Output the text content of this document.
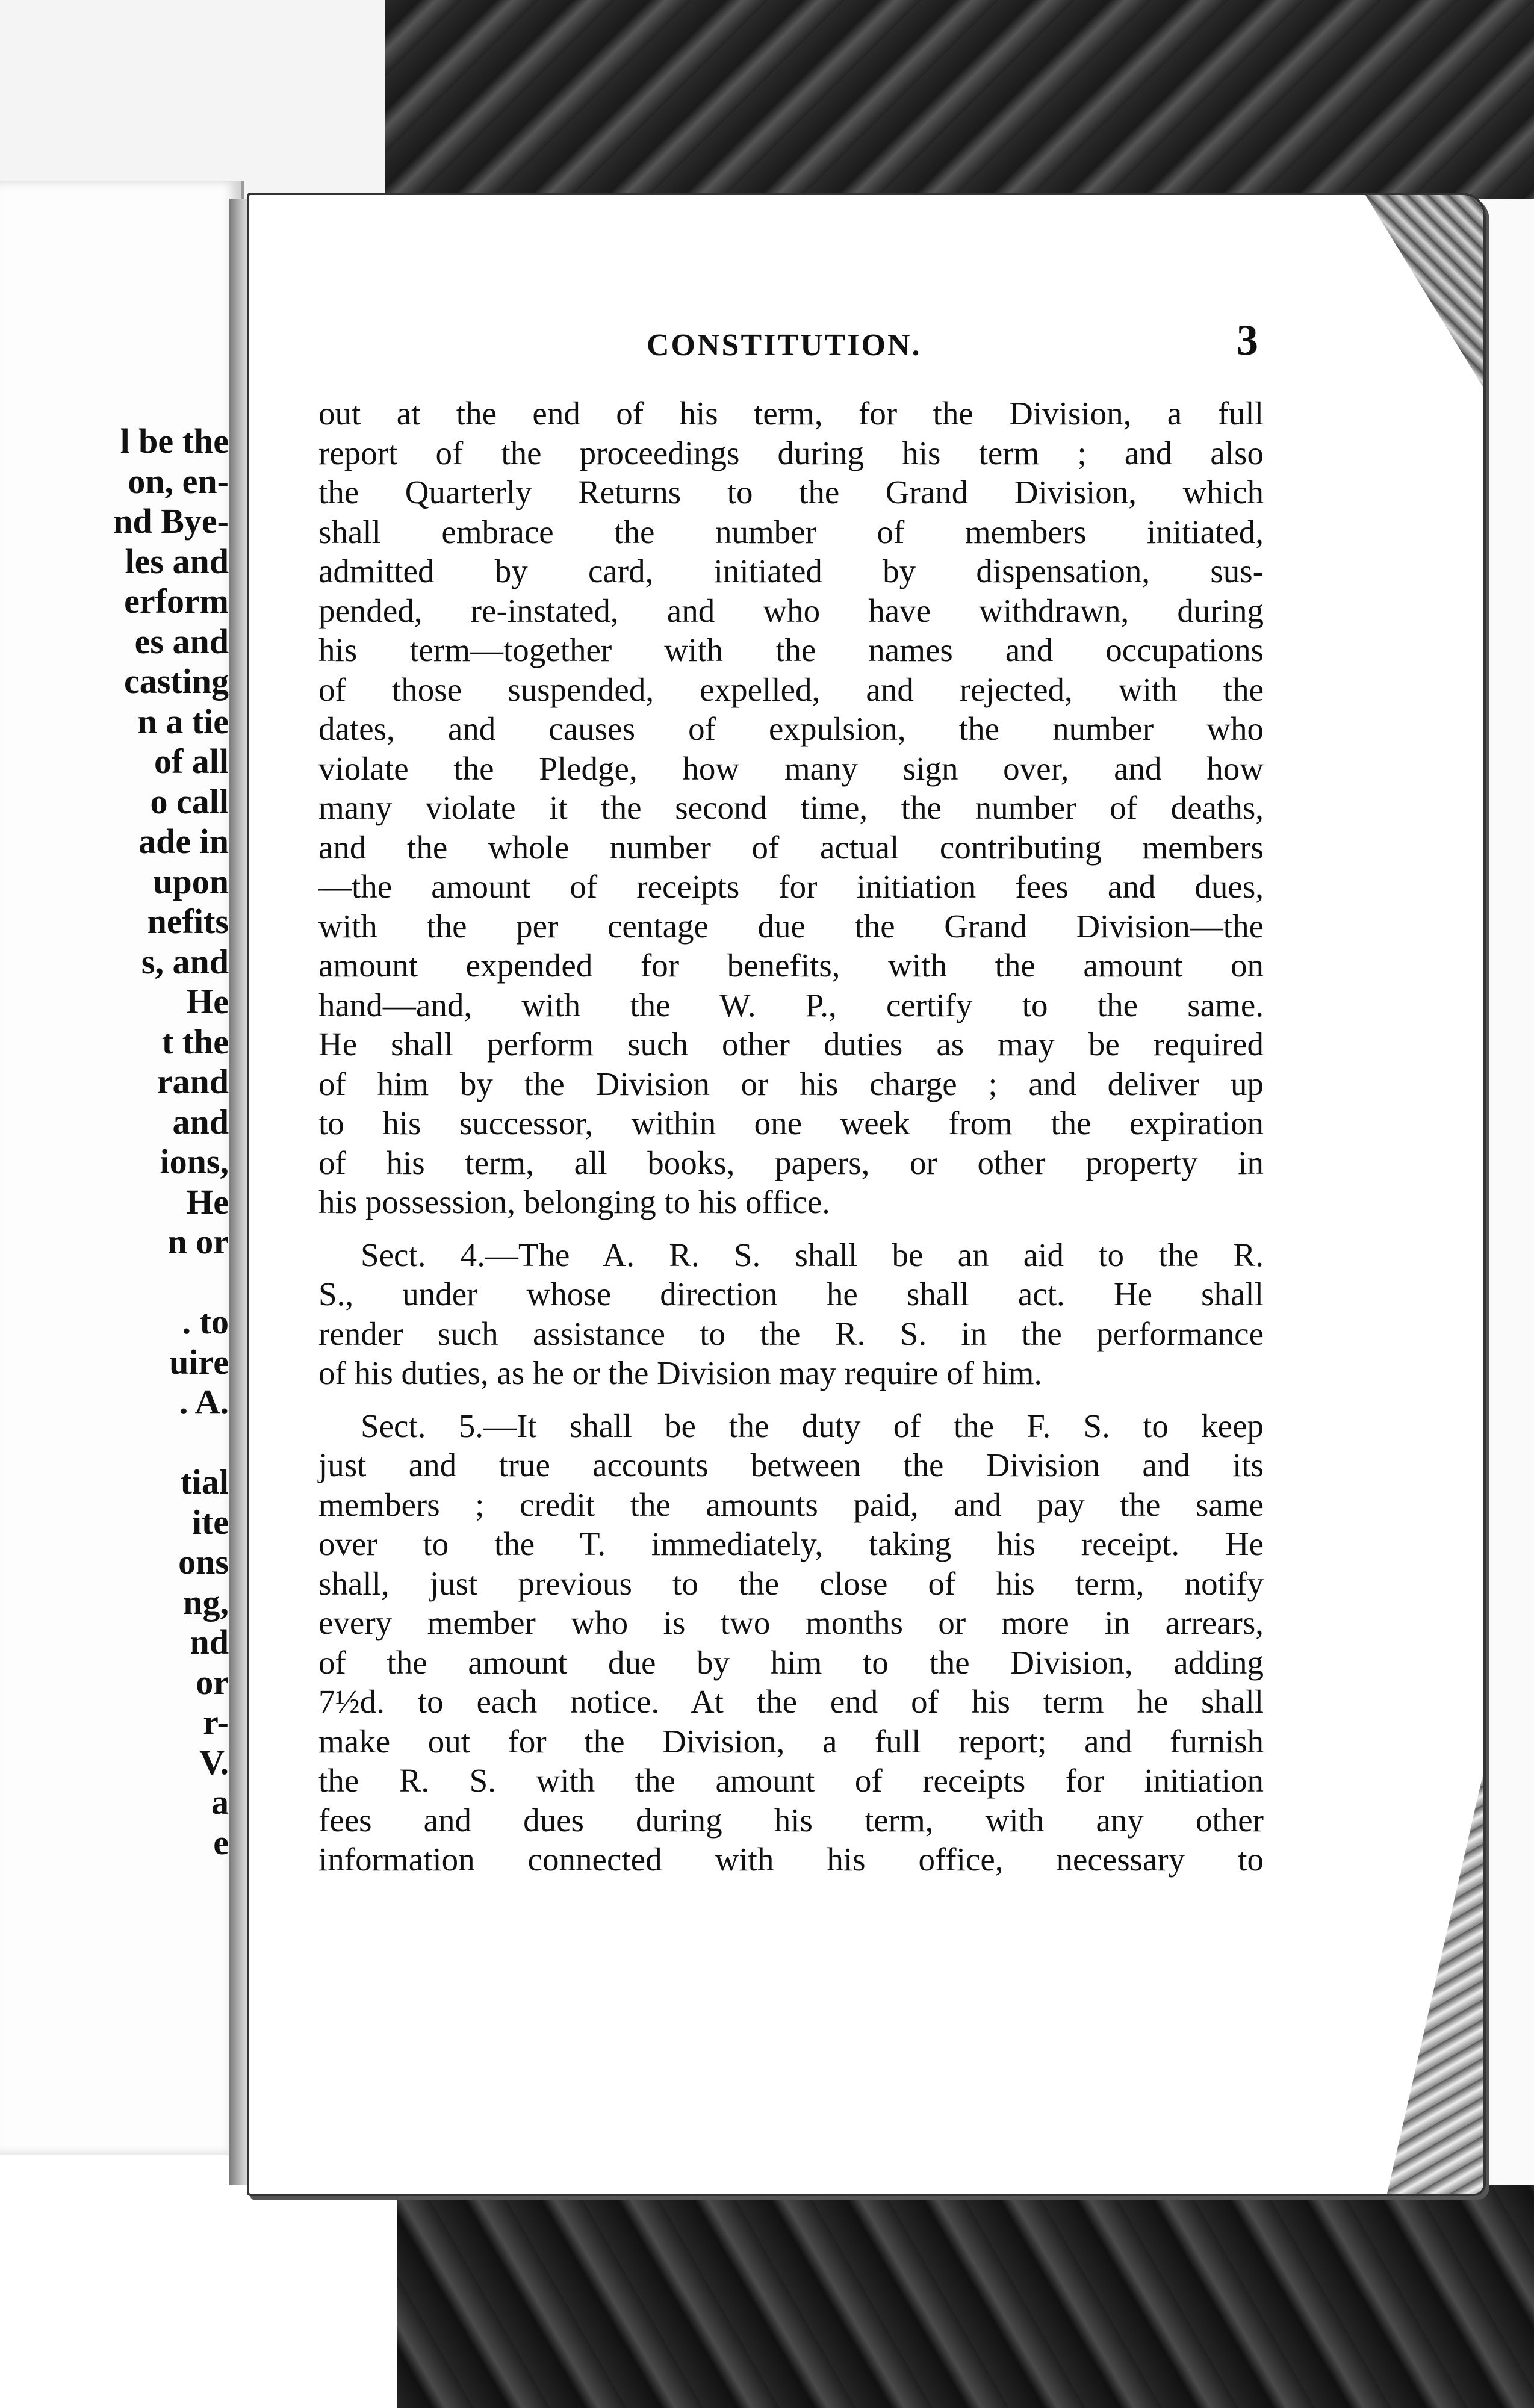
l be the
on, en-
nd Bye-
les and
erform
es and
casting
n a tie
of all
o call
ade in
upon
nefits
s, and
He
t the
rand
and
ions,
He
n or
. to
uire
. A.
tial
ite
ons
ng,
nd
or
r-
V.
a
e
CONSTITUTION.	3
out at the end of his term, for the Division, a full
report of the proceedings during his term ; and also
the Quarterly Returns to the Grand Division, which
shall embrace the number of members initiated,
admitted by card, initiated by dispensation, sus-
pended, re-instated, and who have withdrawn, during
his term—together with the names and occupations
of those suspended, expelled, and rejected, with the
dates, and causes of expulsion, the number who
violate the Pledge, how many sign over, and how
many violate it the second time, the number of deaths,
and the whole number of actual contributing members
—the amount of receipts for initiation fees and dues,
with the per centage due the Grand Division—the
amount expended for benefits, with the amount on
hand—and, with the W. P., certify to the same.
He shall perform such other duties as may be required
of him by the Division or his charge ; and deliver up
to his successor, within one week from the expiration
of his term, all books, papers, or other property in
his possession, belonging to his office.
Sect. 4.—The A. R. S. shall be an aid to the R.
S., under whose direction he shall act. He shall
render such assistance to the R. S. in the performance
of his duties, as he or the Division may require of him.
Sect. 5.—It shall be the duty of the F. S. to keep
just and true accounts between the Division and its
members ; credit the amounts paid, and pay the same
over to the T. immediately, taking his receipt. He
shall, just previous to the close of his term, notify
every member who is two months or more in arrears,
of the amount due by him to the Division, adding
7½d. to each notice. At the end of his term he shall
make out for the Division, a full report; and furnish
the R. S. with the amount of receipts for initiation
fees and dues during his term, with any other
information connected with his office, necessary to
